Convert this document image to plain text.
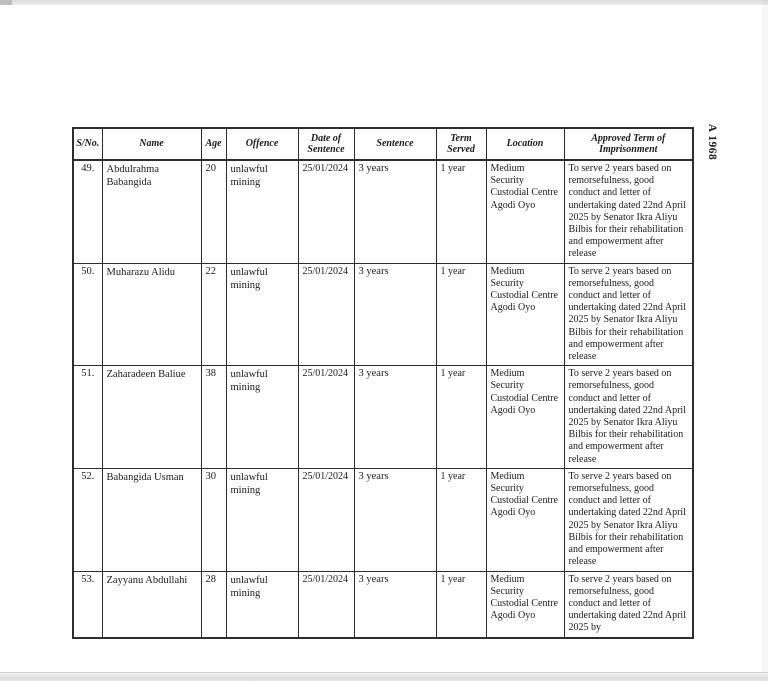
A 1968
S/No.	Name	Age	Offence	Date of Sentence	Sentence	Term Served	Location	Approved Term of Imprisonment
49.	Abdulrahma Babangida	20	unlawful mining	25/01/2024	3 years	1 year	Medium Security Custodial Centre Agodi Oyo	To serve 2 years based on remorsefulness, good conduct and letter of undertaking dated 22nd April 2025 by Senator Ikra Aliyu Bilbis for their rehabilitation and empowerment after release
50.	Muharazu Alidu	22	unlawful mining	25/01/2024	3 years	1 year	Medium Security Custodial Centre Agodi Oyo	To serve 2 years based on remorsefulness, good conduct and letter of undertaking dated 22nd April 2025 by Senator Ikra Aliyu Bilbis for their rehabilitation and empowerment after release
51.	Zaharadeen Baliue	38	unlawful mining	25/01/2024	3 years	1 year	Medium Security Custodial Centre Agodi Oyo	To serve 2 years based on remorsefulness, good conduct and letter of undertaking dated 22nd April 2025 by Senator Ikra Aliyu Bilbis for their rehabilitation and empowerment after release
52.	Babangida Usman	30	unlawful mining	25/01/2024	3 years	1 year	Medium Security Custodial Centre Agodi Oyo	To serve 2 years based on remorsefulness, good conduct and letter of undertaking dated 22nd April 2025 by Senator Ikra Aliyu Bilbis for their rehabilitation and empowerment after release
53.	Zayyanu Abdullahi	28	unlawful mining	25/01/2024	3 years	1 year	Medium Security Custodial Centre Agodi Oyo	To serve 2 years based on remorsefulness, good conduct and letter of undertaking dated 22nd April 2025 by
